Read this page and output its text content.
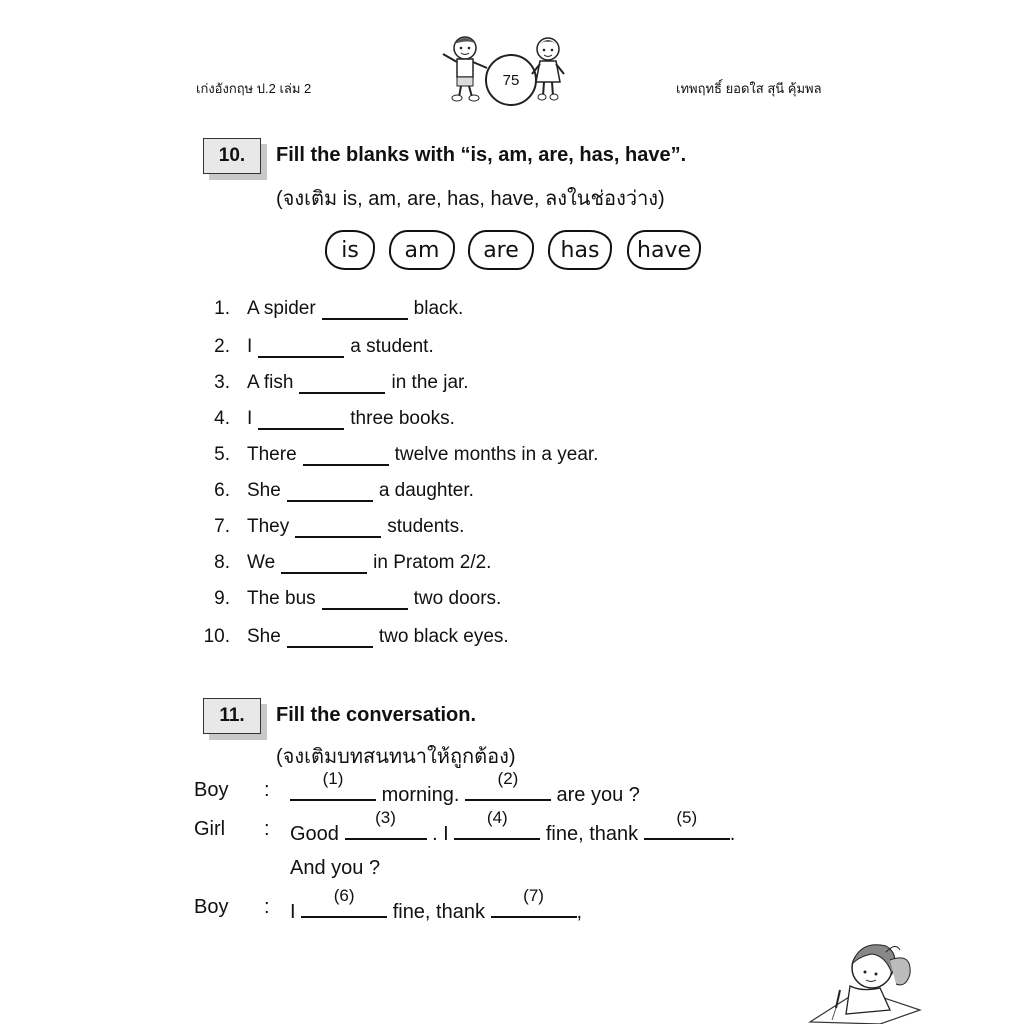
เก่งอังกฤษ ป.2 เล่ม 2	เทพฤทธิ์ ยอดใส สุนี คุ้มพล
75
10.	Fill the blanks with “is, am, are, has, have”.
(จงเติม is, am, are, has, have, ลงในช่องว่าง)
is	am	are	has	have
1. A spider	black.
2. I	a student.
3. A fish	in the jar.
4. I	three books.
5. There	twelve months in a year.
6. She	a daughter.
7. They	students.
8. We	in Pratom 2/2.
9. The bus	two doors.
10. She	two black eyes.
11.	Fill the conversation.
(จงเติมบทสนทนาให้ถูกต้อง)
Boy :
(1)
morning.
(2)
are you ?
Girl : Good
(3)
. I
(4)
fine, thank
(5)
.
And you ?
Boy : I
(6)
fine, thank
(7)
,
